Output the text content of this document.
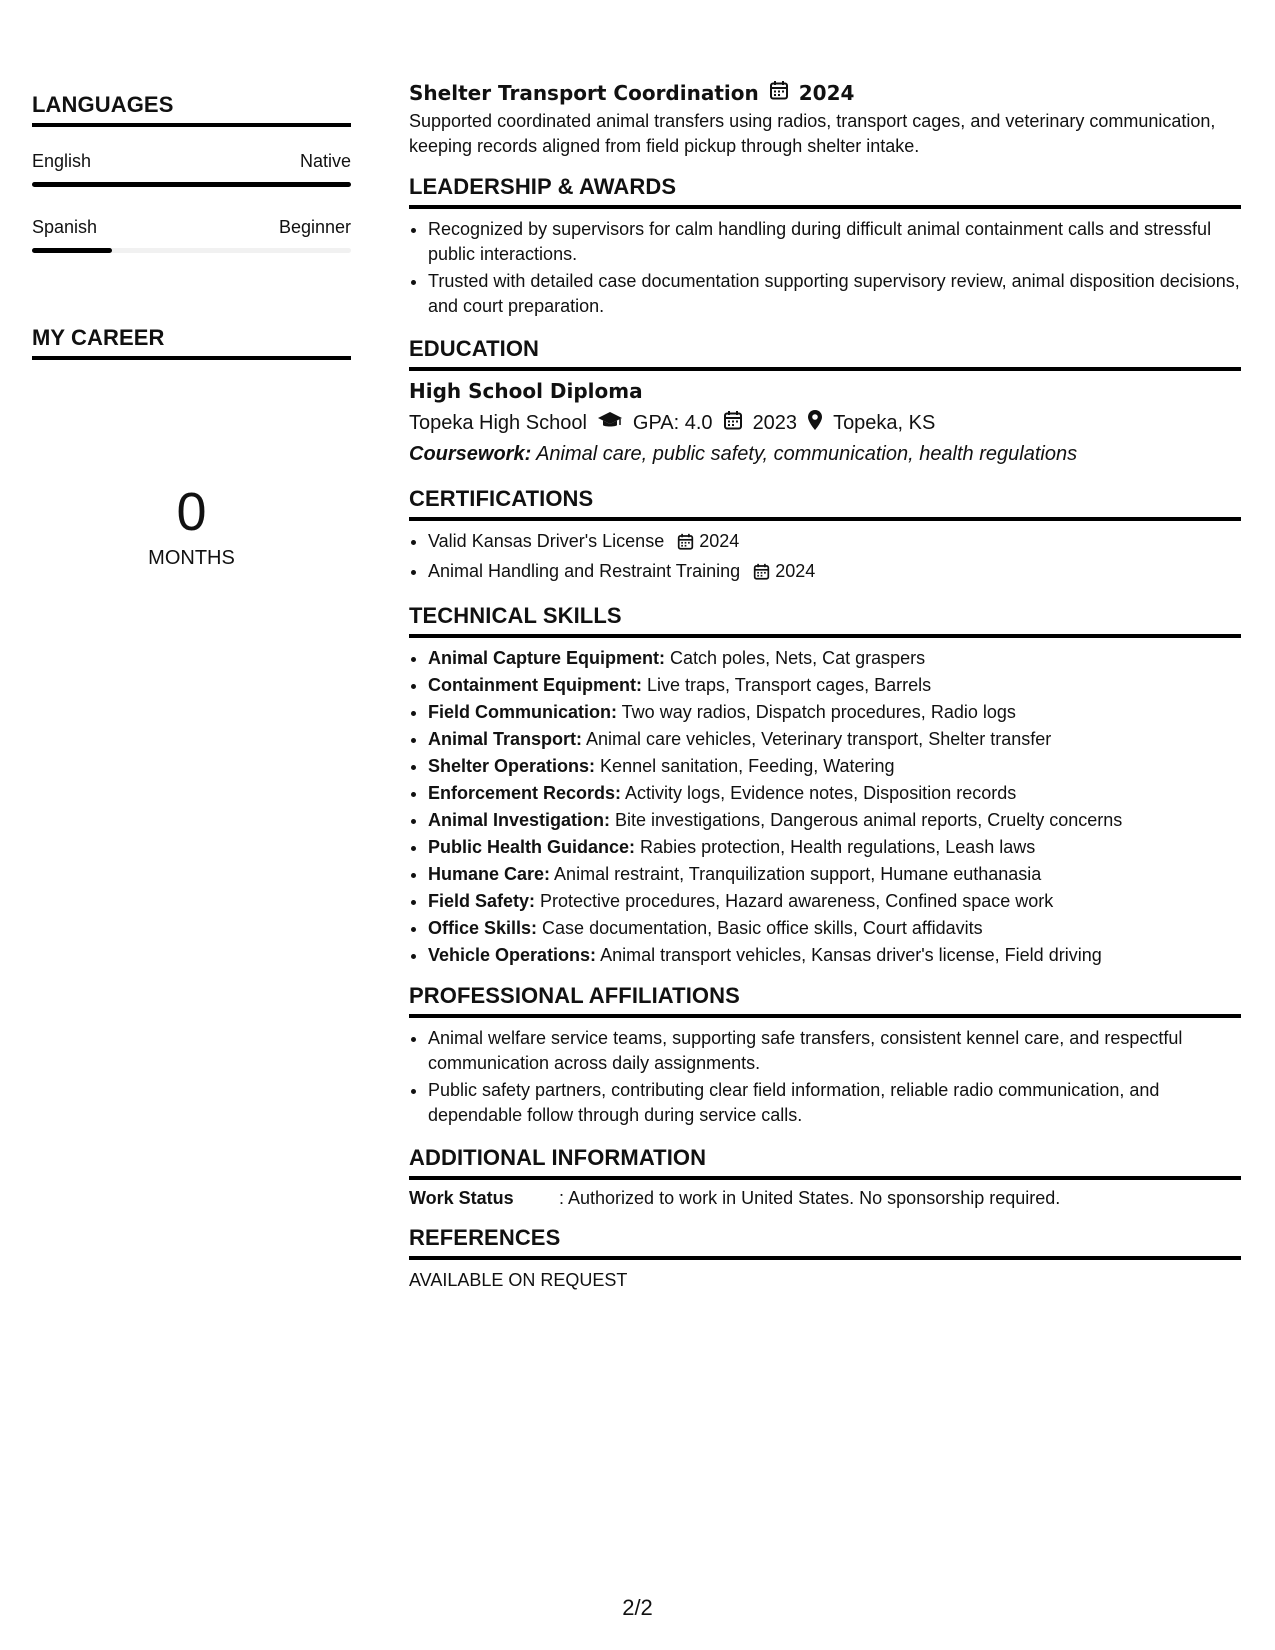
LANGUAGES
English	Native
Spanish	Beginner
MY CAREER
0
MONTHS
Shelter Transport Coordination 2024

Supported coordinated animal transfers using radios, transport cages, and veterinary communication, keeping records aligned from field pickup through shelter intake.

LEADERSHIP & AWARDS
• Recognized by supervisors for calm handling during difficult animal containment calls and stressful public interactions.
• Trusted with detailed case documentation supporting supervisory review, animal disposition decisions, and court preparation.
EDUCATION
High School Diploma
Topeka High School GPA: 4.0 2023 Topeka, KS

Coursework: Animal care, public safety, communication, health regulations

CERTIFICATIONS
• Valid Kansas Driver's License 2024
• Animal Handling and Restraint Training 2024
TECHNICAL SKILLS
• Animal Capture Equipment: Catch poles, Nets, Cat graspers
• Containment Equipment: Live traps, Transport cages, Barrels
• Field Communication: Two way radios, Dispatch procedures, Radio logs
• Animal Transport: Animal care vehicles, Veterinary transport, Shelter transfer
• Shelter Operations: Kennel sanitation, Feeding, Watering
• Enforcement Records: Activity logs, Evidence notes, Disposition records
• Animal Investigation: Bite investigations, Dangerous animal reports, Cruelty concerns
• Public Health Guidance: Rabies protection, Health regulations, Leash laws
• Humane Care: Animal restraint, Tranquilization support, Humane euthanasia
• Field Safety: Protective procedures, Hazard awareness, Confined space work
• Office Skills: Case documentation, Basic office skills, Court affidavits
• Vehicle Operations: Animal transport vehicles, Kansas driver's license, Field driving
PROFESSIONAL AFFILIATIONS
• Animal welfare service teams, supporting safe transfers, consistent kennel care, and respectful communication across daily assignments.
• Public safety partners, contributing clear field information, reliable radio communication, and dependable follow through during service calls.
ADDITIONAL INFORMATION
Work Status	: Authorized to work in United States. No sponsorship required.
REFERENCES

AVAILABLE ON REQUEST

2/2
